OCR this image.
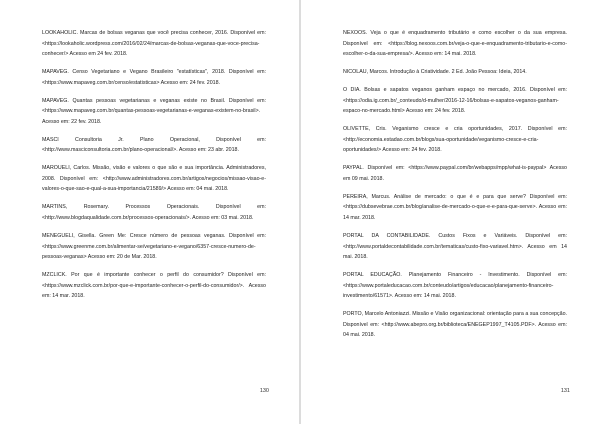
LOOKAHOLIC. Marcas de bolsas veganas que você precisa conhecer, 2016. Disponível em: <https://lookaholic.wordpress.com/2016/02/24/marcas-de-bolsas-veganas-que-voce-precisa-conhecer/> Acesso em 24 fev. 2018.

MAPAVEG. Censo Vegetariano e Vegano Brasileiro "estatísticas", 2018. Disponível em: <https://www.mapaveg.com.br/censo/estatisticas> Acesso em: 24 fev. 2018.

MAPAVEG. Quantas pessoas vegetarianas e veganas existe no Brasil. Disponível em: <https://www.mapaveg.com.br/quantas-pessoas-vegetarianas-e-veganas-existem-no-brasil>. Acesso em: 22 fev. 2018.

MASCI Consultoria Jr. Plano Operacional, Disponível em: <http://www.masciconsultoria.com.br/plano-operacional/>. Acesso em: 23 abr. 2018.

MAROUELI, Carlos. Missão, visão e valores o que são e sua importância. Administradores, 2008. Disponível em: <http://www.administradores.com.br/artigos/negocios/missao-visao-e-valores-o-que-sao-e-qual-a-sua-importancia/21589/> Acesso em: 04 mai. 2018.

MARTINS, Rosemary. Processos Operacionais. Disponível em: <http://www.blogdaqualidade.com.br/processos-operacionais/>. Acesso em: 03 mai. 2018.

MENEGUELI, Gisella. Green Me: Cresce número de pessoas veganas. Disponível em: <https://www.greenme.com.br/alimentar-se/vegetariano-e-vegano/6357-cresce-numero-de-pessoas-veganas> Acesso em: 20 de Mar. 2018.

MZCLICK. Por que é importante conhecer o perfil do consumidor? Disponível em: <https://www.mzclick.com.br/por-que-e-importante-conhecer-o-perfil-do-consumidor/>. Acesso em: 14 mar. 2018.

130

NEXOOS. Veja o que é enquadramento tributário e como escolher o da sua empresa. Disponível em: <https://blog.nexoos.com.br/veja-o-que-e-enquadramento-tributario-e-como-escolher-o-da-sua-empresa/>. Acesso em: 14 mai. 2018.

NICOLAU, Marcos. Introdução à Criatividade. 2 Ed. João Pessoa: Ideia, 2014.

O DIA. Bolsas e sapatos veganos ganham espaço no mercado, 2016. Disponível em: <https://odia.ig.com.br/_conteudo/d-mulher/2016-12-16/bolsas-e-sapatos-veganos-ganham-espaco-no-mercado.html> Acesso em: 24 fev. 2018.

OLIVETTE, Cris. Veganismo cresce e cria oportunidades, 2017. Disponível em: <http://economia.estadao.com.br/blogs/sua-oportunidade/veganismo-cresce-e-cria-oportunidades/> Acesso em: 24 fev. 2018.

PAYPAL. Disponível em: <https://www.paypal.com/br/webapps/mpp/what-is-paypal> Acesso em 09 mai. 2018.

PEREIRA, Marcus. Análise de mercado: o que é e para que serve? Disponível em: <https://dubsevebrae.com.br/blog/analise-de-mercado-o-que-e-e-para-que-serve>. Acesso em: 14 mar. 2018.

PORTAL DA CONTABILIDADE. Custos Fixos e Variáveis. Disponível em: <http://www.portaldecontabilidade.com.br/tematicas/custo-fixo-variavel.htm>. Acesso em 14 mai. 2018.

PORTAL EDUCAÇÃO. Planejamento Financeiro - Investimento. Disponível em: <https://www.portaleducacao.com.br/conteudo/artigos/educacao/planejamento-financeiro-investimento/61571>. Acesso em: 14 mai. 2018.

PORTO, Marcelo Antoniazzi. Missão e Visão organizacional: orientação para a sua concepção. Disponível em: <http://www.abepro.org.br/biblioteca/ENEGEP1997_T4105.PDF>. Acesso em: 04 mai. 2018.

131
